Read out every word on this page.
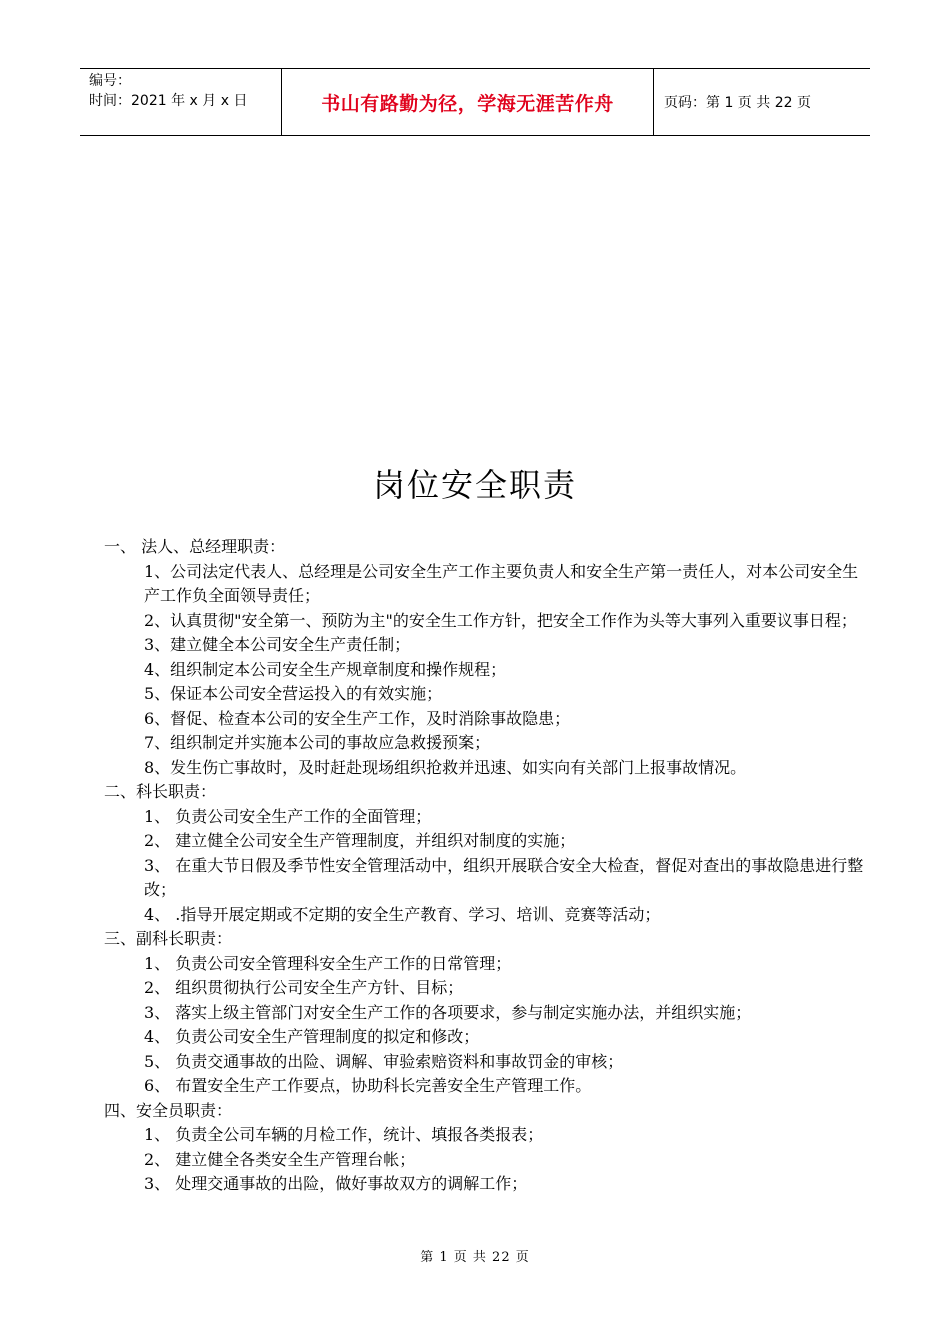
编号：
时间：2021 年 x 月 x 日	书山有路勤为径，学海无涯苦作舟	页码：第 1 页 共 22 页
岗位安全职责
一、 法人、总经理职责：

1、公司法定代表人、总经理是公司安全生产工作主要负责人和安全生产第一责任人，对本公司安全生产工作负全面领导责任；

2、认真贯彻"安全第一、预防为主"的安全生工作方针，把安全工作作为头等大事列入重要议事日程；

3、建立健全本公司安全生产责任制；

4、组织制定本公司安全生产规章制度和操作规程；

5、保证本公司安全营运投入的有效实施；

6、督促、检查本公司的安全生产工作，及时消除事故隐患；

7、组织制定并实施本公司的事故应急救援预案；

8、发生伤亡事故时，及时赶赴现场组织抢救并迅速、如实向有关部门上报事故情况。

二、科长职责：

1、 负责公司安全生产工作的全面管理；

2、 建立健全公司安全生产管理制度，并组织对制度的实施；

3、 在重大节日假及季节性安全管理活动中，组织开展联合安全大检查，督促对查出的事故隐患进行整改；

4、 .指导开展定期或不定期的安全生产教育、学习、培训、竞赛等活动；

三、副科长职责：

1、 负责公司安全管理科安全生产工作的日常管理；

2、 组织贯彻执行公司安全生产方针、目标；

3、 落实上级主管部门对安全生产工作的各项要求，参与制定实施办法，并组织实施；

4、 负责公司安全生产管理制度的拟定和修改；

5、 负责交通事故的出险、调解、审验索赔资料和事故罚金的审核；

6、 布置安全生产工作要点，协助科长完善安全生产管理工作。

四、安全员职责：

1、 负责全公司车辆的月检工作，统计、填报各类报表；

2、 建立健全各类安全生产管理台帐；

3、 处理交通事故的出险，做好事故双方的调解工作；

第 1 页 共 22 页
